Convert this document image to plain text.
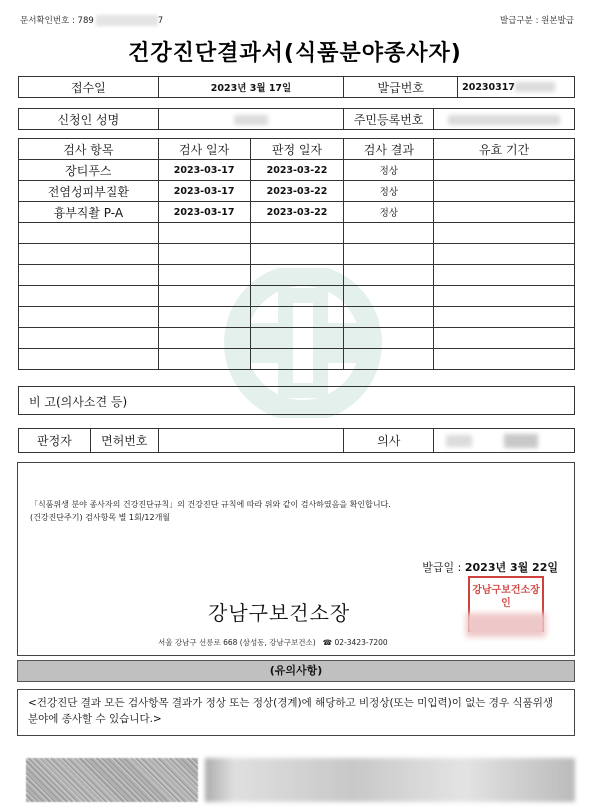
문서확인번호 : 789	7	발급구분 : 원본발급
건강진단결과서(식품분야종사자)
접수일	2023년 3월 17일	발급번호	20230317
신청인 성명		주민등록번호	
검사 항목	검사 일자	판정 일자	검사 결과	유효 기간
장티푸스	2023-03-17	2023-03-22	정상	
전염성피부질환	2023-03-17	2023-03-22	정상	
흉부직촬 P-A	2023-03-17	2023-03-22	정상	

비 고(의사소견 등)
판정자	면허번호		의사	
「식품위생 분야 종사자의 건강진단규칙」의 건강진단 규칙에 따라 위와 같이 검사하였음을 확인합니다.
(건강진단주기) 검사항목 별 1회/12개월
발급일 : 2023년 3월 22일
강남구보건소장
서울 강남구 선릉로 668 (삼성동, 강남구보건소) ☎ 02-3423-7200
강남구보건소장인
(유의사항)
<건강진단 결과 모든 검사항목 결과가 정상 또는 정상(경계)에 해당하고 비정상(또는 미입력)이 없는 경우 식품위생 분야에 종사할 수 있습니다.>
